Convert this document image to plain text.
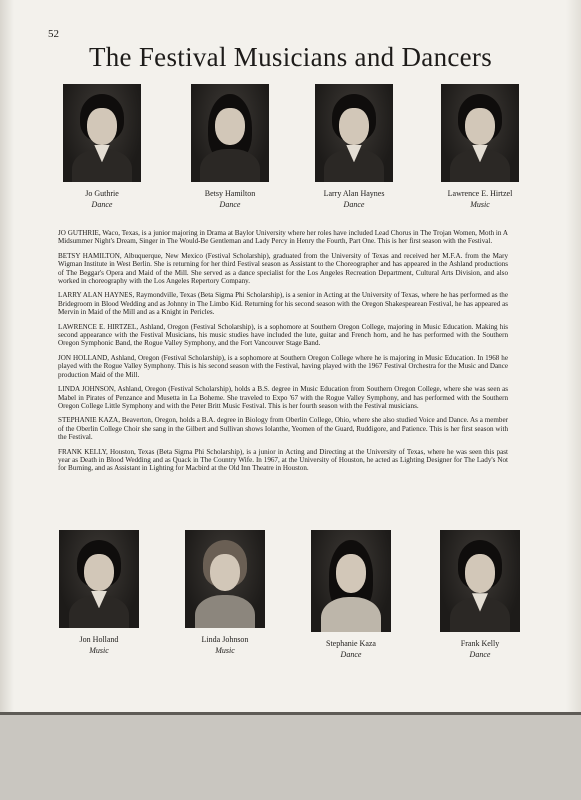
52
The Festival Musicians and Dancers
Jo Guthrie
Dance
Betsy Hamilton
Dance
Larry Alan Haynes
Dance
Lawrence E. Hirtzel
Music

JO GUTHRIE, Waco, Texas, is a junior majoring in Drama at Baylor University where her roles have included Lead Chorus in The Trojan Women, Moth in A Midsummer Night's Dream, Singer in The Would-Be Gentleman and Lady Percy in Henry the Fourth, Part One. This is her first season with the Festival.

BETSY HAMILTON, Albuquerque, New Mexico (Festival Scholarship), graduated from the University of Texas and received her M.F.A. from the Mary Wigman Institute in West Berlin. She is returning for her third Festival season as Assistant to the Choreographer and has appeared in the Ashland productions of The Beggar's Opera and Maid of the Mill. She served as a dance specialist for the Los Angeles Recreation Department, Cultural Arts Division, and also worked in choreography with the Los Angeles Repertory Company.

LARRY ALAN HAYNES, Raymondville, Texas (Beta Sigma Phi Scholarship), is a senior in Acting at the University of Texas, where he has performed as the Bridegroom in Blood Wedding and as Johnny in The Limbo Kid. Returning for his second season with the Oregon Shakespearean Festival, he has appeared as Mervin in Maid of the Mill and as a Knight in Pericles.

LAWRENCE E. HIRTZEL, Ashland, Oregon (Festival Scholarship), is a sophomore at Southern Oregon College, majoring in Music Education. Making his second appearance with the Festival Musicians, his music studies have included the lute, guitar and French horn, and he has performed with the Southern Oregon Symphonic Band, the Rogue Valley Symphony, and the Fort Vancouver Stage Band.

JON HOLLAND, Ashland, Oregon (Festival Scholarship), is a sophomore at Southern Oregon College where he is majoring in Music Education. In 1968 he played with the Rogue Valley Symphony. This is his second season with the Festival, having played with the 1967 Festival Orchestra for the Music and Dance production Maid of the Mill.

LINDA JOHNSON, Ashland, Oregon (Festival Scholarship), holds a B.S. degree in Music Education from Southern Oregon College, where she was seen as Mabel in Pirates of Penzance and Musetta in La Boheme. She traveled to Expo '67 with the Rogue Valley Symphony, and has performed with the Southern Oregon College Little Symphony and with the Peter Britt Music Festival. This is her fourth season with the Festival musicians.

STEPHANIE KAZA, Beaverton, Oregon, holds a B.A. degree in Biology from Oberlin College, Ohio, where she also studied Voice and Dance. As a member of the Oberlin College Choir she sang in the Gilbert and Sullivan shows Iolanthe, Yeomen of the Guard, Ruddigore, and Patience. This is her first season with the Festival.

FRANK KELLY, Houston, Texas (Beta Sigma Phi Scholarship), is a junior in Acting and Directing at the University of Texas, where he was seen this past year as Death in Blood Wedding and as Quack in The Country Wife. In 1967, at the University of Houston, he acted as Lighting Designer for The Lady's Not for Burning, and as Assistant in Lighting for Macbird at the Old Inn Theatre in Houston.

Jon Holland
Music
Linda Johnson
Music
Stephanie Kaza
Dance
Frank Kelly
Dance
